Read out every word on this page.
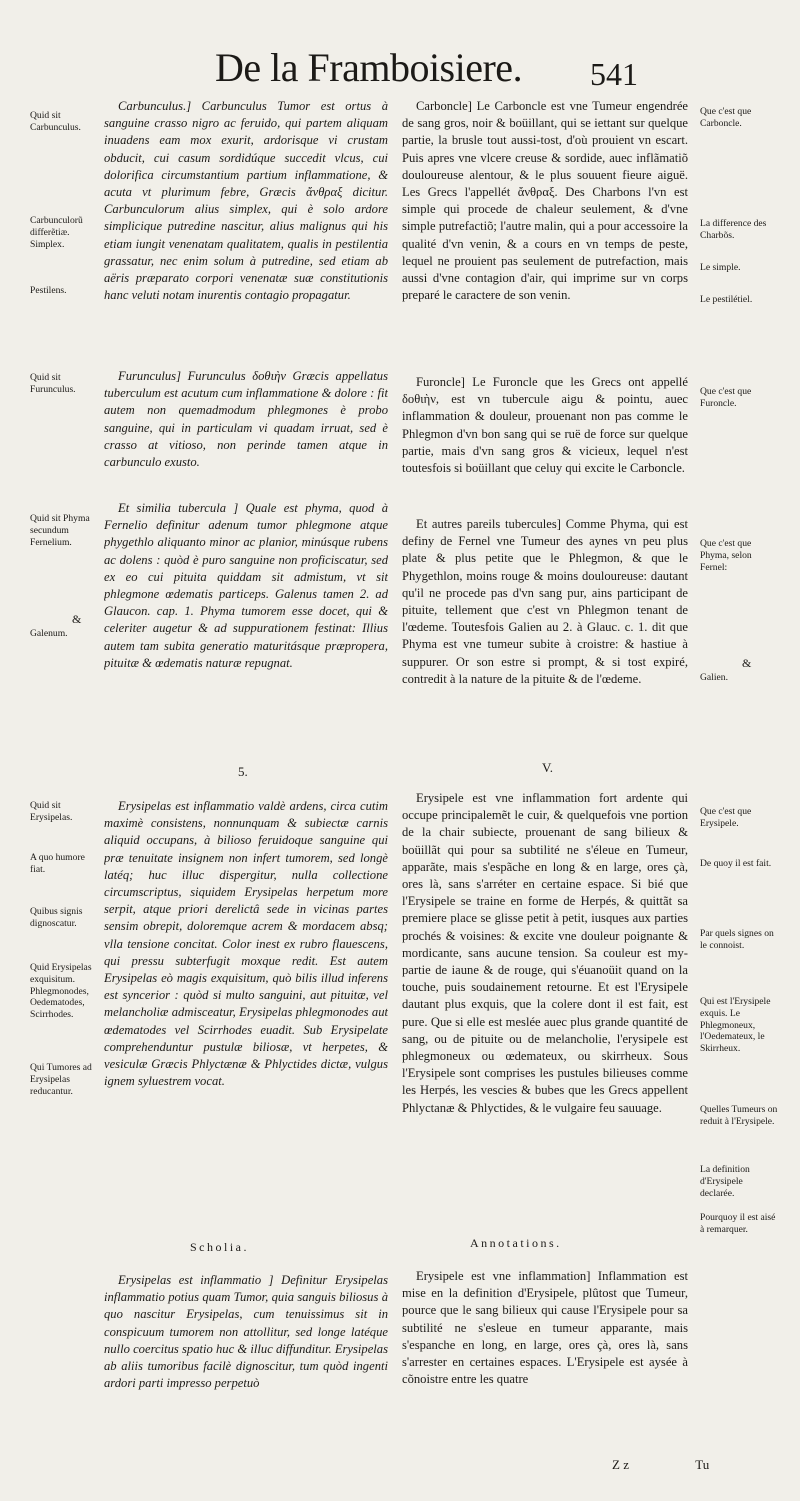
De la Framboisiere.	541
Quid sit Carbunculus.
Carbunculorũ differẽtiæ. Simplex.
Pestilens.
Quid sit Furunculus.
Quid sit Phyma secundum Fernelium.
&
Galenum.
Quid sit Erysipelas.
A quo humore fiat.
Quibus signis dignoscatur.
Quid Erysipelas exquisitum. Phlegmonodes, Oedematodes, Scirrhodes.
Qui Tumores ad Erysipelas reducantur.

Carbunculus.] Carbunculus Tumor est ortus à sanguine crasso nigro ac feruido, qui partem aliquam inuadens eam mox exurit, ardorisque vi crustam obducit, cui casum sordidúque succedit vlcus, cui dolorifica circumstantium partium inflammatione, & acuta vt plurimum febre, Græcis ἄνθραξ dicitur. Carbunculorum alius simplex, qui è solo ardore simplicique putredine nascitur, alius malignus qui his etiam iungit venenatam qualitatem, qualis in pestilentia grassatur, nec enim solum à putredine, sed etiam ab aëris præparato corpori venenatæ suæ constitutionis hanc veluti notam inurentis contagio propagatur.

Furunculus] Furunculus δοθιὴν Græcis appellatus tuberculum est acutum cum inflammatione & dolore : fit autem non quemadmodum phlegmones è probo sanguine, qui in particulam vi quadam irruat, sed è crasso at vitioso, non perinde tamen atque in carbunculo exusto.

Et similia tubercula ] Quale est phyma, quod à Fernelio definitur adenum tumor phlegmone atque phygethlo aliquanto minor ac planior, minúsque rubens ac dolens : quòd è puro sanguine non proficiscatur, sed ex eo cui pituita quiddam sit admistum, vt sit phlegmone œdematis particeps. Galenus tamen 2. ad Glaucon. cap. 1. Phyma tumorem esse docet, qui & celeriter augetur & ad suppurationem festinat: Illius autem tam subita generatio maturitásque præpropera, pituitæ & œdematis naturæ repugnat.

5.

Erysipelas est inflammatio valdè ardens, circa cutim maximè consistens, nonnunquam & subiectæ carnis aliquid occupans, à bilioso feruidoque sanguine qui præ tenuitate insignem non infert tumorem, sed longè latéq; huc illuc dispergitur, nulla collectione circumscriptus, siquidem Erysipelas herpetum more serpit, atque priori derelictâ sede in vicinas partes sensim obrepit, doloremque acrem & mordacem absq; vlla tensione concitat. Color inest ex rubro flauescens, qui pressu subterfugit moxque redit. Est autem Erysipelas eò magis exquisitum, quò bilis illud inferens est syncerior : quòd si multo sanguini, aut pituitæ, vel melancholiæ admisceatur, Erysipelas phlegmonodes aut œdematodes vel Scirrhodes euadit. Sub Erysipelate comprehenduntur pustulæ biliosæ, vt herpetes, & vesiculæ Græcis Phlyctænæ & Phlyctides dictæ, vulgus ignem syluestrem vocat.

Scholia.

Erysipelas est inflammatio ] Definitur Erysipelas inflammatio potius quam Tumor, quia sanguis biliosus à quo nascitur Erysipelas, cum tenuissimus sit in conspicuum tumorem non attollitur, sed longe latéque nullo coercitus spatio huc & illuc diffunditur. Erysipelas ab aliis tumoribus facilè dignoscitur, tum quòd ingenti ardori parti impresso perpetuò

Carboncle] Le Carboncle est vne Tumeur engendrée de sang gros, noir & boüillant, qui se iettant sur quelque partie, la brusle tout aussi-tost, d'où prouient vn escart. Puis apres vne vlcere creuse & sordide, auec inflãmatiõ douloureuse alentour, & le plus souuent fieure aiguë. Les Grecs l'appellét ἄνθραξ. Des Charbons l'vn est simple qui procede de chaleur seulement, & d'vne simple putrefactiõ; l'autre malin, qui a pour accessoire la qualité d'vn venin, & a cours en vn temps de peste, lequel ne prouient pas seulement de putrefaction, mais aussi d'vne contagion d'air, qui imprime sur vn corps preparé le caractere de son venin.

Furoncle] Le Furoncle que les Grecs ont appellé δοθιὴν, est vn tubercule aigu & pointu, auec inflammation & douleur, prouenant non pas comme le Phlegmon d'vn bon sang qui se ruë de force sur quelque partie, mais d'vn sang gros & vicieux, lequel n'est toutesfois si boüillant que celuy qui excite le Carboncle.

Et autres pareils tubercules] Comme Phyma, qui est definy de Fernel vne Tumeur des aynes vn peu plus plate & plus petite que le Phlegmon, & que le Phygethlon, moins rouge & moins douloureuse: dautant qu'il ne procede pas d'vn sang pur, ains participant de pituite, tellement que c'est vn Phlegmon tenant de l'œdeme. Toutesfois Galien au 2. à Glauc. c. 1. dit que Phyma est vne tumeur subite à croistre: & hastiue à suppurer. Or son estre si prompt, & si tost expiré, contredit à la nature de la pituite & de l'œdeme.

V.

Erysipele est vne inflammation fort ardente qui occupe principalemẽt le cuir, & quelquefois vne portion de la chair subiecte, prouenant de sang bilieux & boüillãt qui pour sa subtilité ne s'éleue en Tumeur, apparãte, mais s'espãche en long & en large, ores çà, ores là, sans s'arréter en certaine espace. Si bié que l'Erysipele se traine en forme de Herpés, & quittãt sa premiere place se glisse petit à petit, iusques aux parties prochés & voisines: & excite vne douleur poignante & mordicante, sans aucune tension. Sa couleur est my-partie de iaune & de rouge, qui s'éuanoüit quand on la touche, puis soudainement retourne. Et est l'Erysipele dautant plus exquis, que la colere dont il est fait, est pure. Que si elle est meslée auec plus grande quantité de sang, ou de pituite ou de melancholie, l'erysipele est phlegmoneux ou œdemateux, ou skirrheux. Sous l'Erysipele sont comprises les pustules bilieuses comme les Herpés, les vescies & bubes que les Grecs appellent Phlyctanæ & Phlyctides, & le vulgaire feu sauuage.

Annotations.

Erysipele est vne inflammation] Inflammation est mise en la definition d'Erysipele, plûtost que Tumeur, pource que le sang bilieux qui cause l'Erysipele pour sa subtilité ne s'esleue en tumeur apparante, mais s'espanche en long, en large, ores çà, ores là, sans s'arrester en certaines espaces. L'Erysipele est aysée à cõnoistre entre les quatre

Que c'est que Carboncle.
La difference des Charbõs.
Le simple.
Le pestilétiel.
Que c'est que Furoncle.
Que c'est que Phyma, selon Fernel:
&
Galien.
Que c'est que Erysipele.
De quoy il est fait.
Par quels signes on le connoist.
Qui est l'Erysipele exquis. Le Phlegmoneux, l'Oedemateux, le Skirrheux.
Quelles Tumeurs on reduit à l'Erysipele.
La definition d'Erysipele declarée.
Pourquoy il est aisé à remarquer.
Z z	Tu
